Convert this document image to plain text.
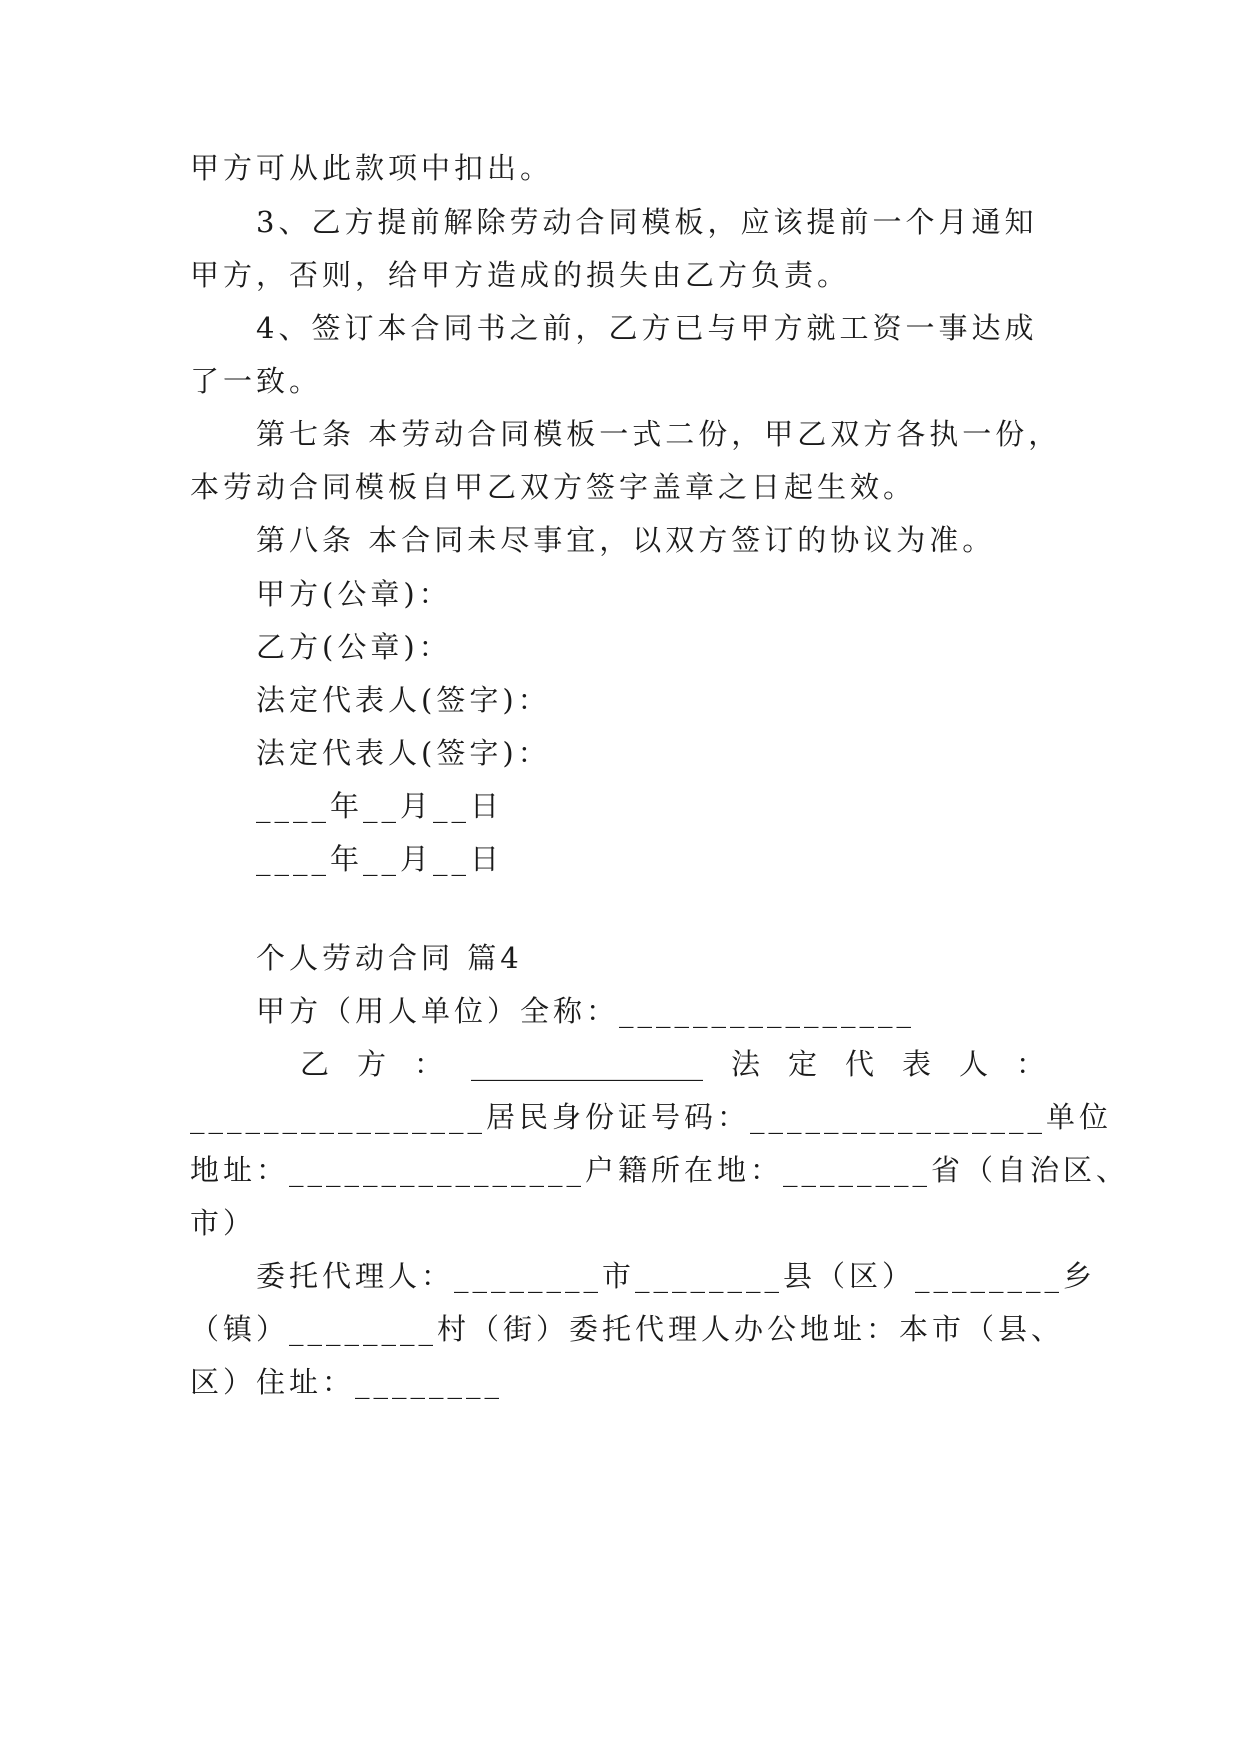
甲方可从此款项中扣出。
3、乙方提前解除劳动合同模板，应该提前一个月通知
甲方，否则，给甲方造成的损失由乙方负责。
4、签订本合同书之前，乙方已与甲方就工资一事达成
了一致。
第七条 本劳动合同模板一式二份，甲乙双方各执一份，
本劳动合同模板自甲乙双方签字盖章之日起生效。
第八条 本合同未尽事宜，以双方签订的协议为准。
甲方(公章)：
乙方(公章)：
法定代表人(签字)：
法定代表人(签字)：
____年__月__日
____年__月__日
个人劳动合同 篇4
甲方（用人单位）全称：________________
乙 方 ： ________________ 法 定 代 表 人 ：
________________居民身份证号码：________________单位
地址：________________户籍所在地：________省（自治区、
市）
委托代理人：________市________县（区）________乡
（镇）________村（街）委托代理人办公地址：本市（县、
区）住址：________
